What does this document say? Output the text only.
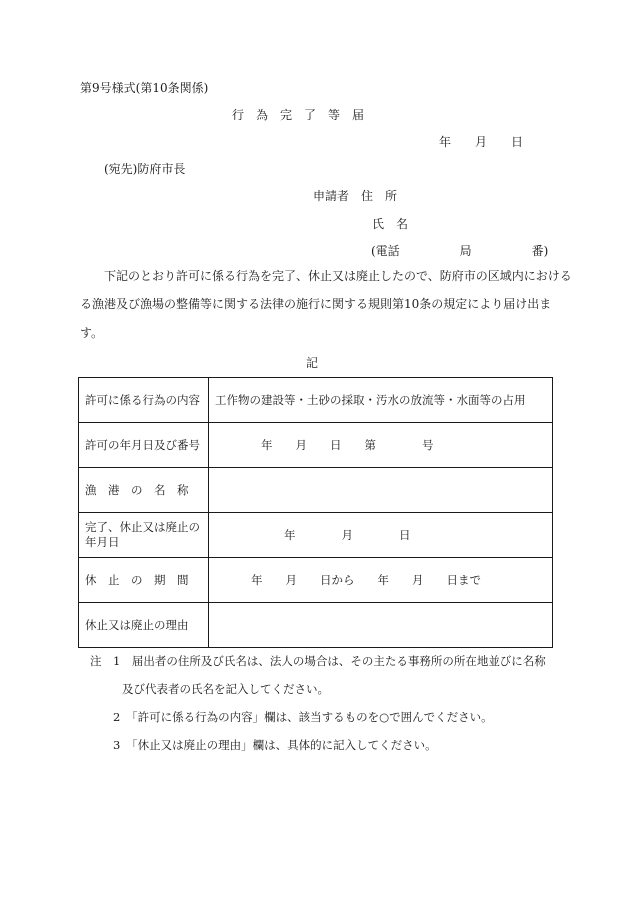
第9号様式(第10条関係)
行　為　完　了　等　届
年　　月　　日
(宛先)防府市長
申請者　住　所
氏　名
(電話　　　　　局　　　　　番)
下記のとおり許可に係る行為を完了、休止又は廃止したので、防府市の区域内における
る漁港及び漁場の整備等に関する法律の施行に関する規則第10条の規定により届け出ま
す。
記
許可に係る行為の内容	工作物の建設等・土砂の採取・汚水の放流等・水面等の占用
許可の年月日及び番号	年　　月　　日　　第　　　　号
漁　港　の　名　称	
完了、休止又は廃止の年月日	年　　　　月　　　　日
休　止　の　期　間	年　　月　　日から　　年　　月　　日まで
休止又は廃止の理由	
注　1　届出者の住所及び氏名は、法人の場合は、その主たる事務所の所在地並びに名称
及び代表者の氏名を記入してください。
2　「許可に係る行為の内容」欄は、該当するものを○で囲んでください。
3　「休止又は廃止の理由」欄は、具体的に記入してください。
